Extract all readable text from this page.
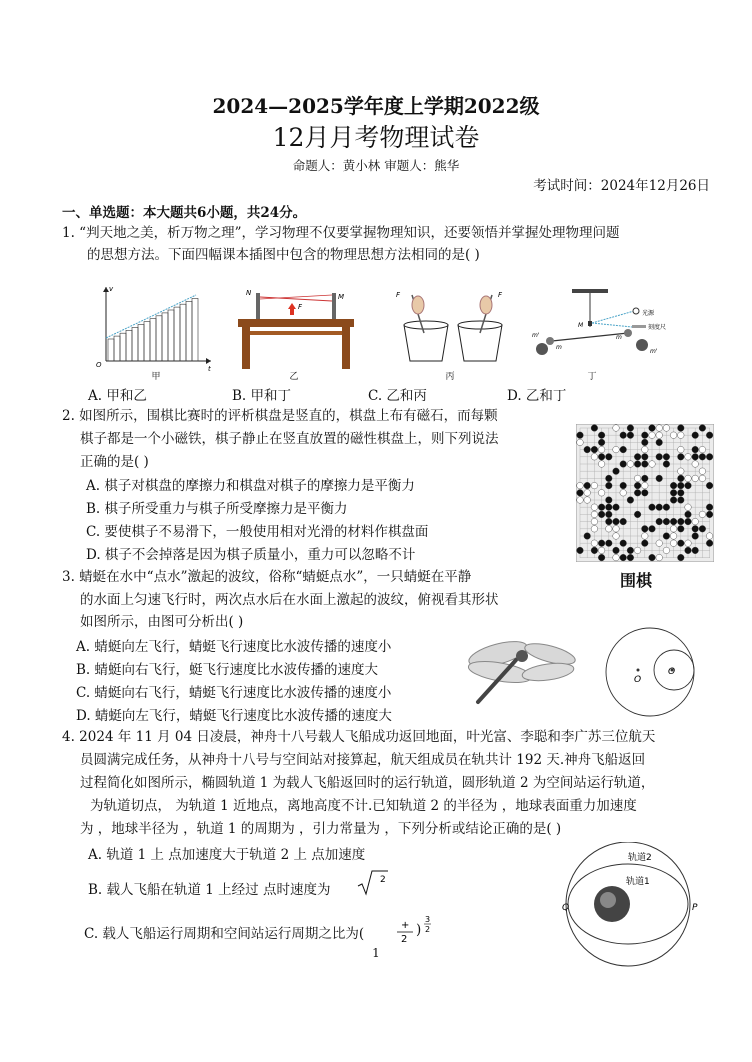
2024—2025学年度上学期2022级
12月月考物理试卷
命题人：黄小林 审题人：熊华
考试时间：2024年12月26日
一、单选题：本大题共6小题，共24分。
1. “判天地之美，析万物之理”，学习物理不仅要掌握物理知识，还要领悟并掌握处理物理问题
的思想方法。下面四幅课本插图中包含的物理思想方法相同的是( )
O
v
t
甲
N	M
F
乙
F	F
丙
光源
刻度尺
M
m'
m
m
m'
丁
A. 甲和乙	B. 甲和丁	C. 乙和丙	D. 乙和丁
2. 如图所示，围棋比赛时的评析棋盘是竖直的，棋盘上布有磁石，而每颗
棋子都是一个小磁铁，棋子静止在竖直放置的磁性棋盘上，则下列说法
正确的是( )
A. 棋子对棋盘的摩擦力和棋盘对棋子的摩擦力是平衡力
B. 棋子所受重力与棋子所受摩擦力是平衡力
C. 要使棋子不易滑下，一般使用相对光滑的材料作棋盘面
D. 棋子不会掉落是因为棋子质量小，重力可以忽略不计
围棋
3. 蜻蜓在水中“点水”激起的波纹，俗称“蜻蜓点水”，一只蜻蜓在平静
的水面上匀速飞行时，两次点水后在水面上激起的波纹，俯视看其形状
如图所示，由图可分析出( )
A. 蜻蜓向左飞行，蜻蜓飞行速度比水波传播的速度小
B. 蜻蜓向右飞行，蜓飞行速度比水波传播的速度大
C. 蜻蜓向右飞行，蜻蜓飞行速度比水波传播的速度小
D. 蜻蜓向左飞行，蜻蜓飞行速度比水波传播的速度大
O
O
4. 2024 年 11 月 04 日凌晨，神舟十八号载人飞船成功返回地面，叶光富、李聪和李广苏三位航天
员圆满完成任务，从神舟十八号与空间站对接算起，航天组成员在轨共计 192 天.神舟飞船返回
过程简化如图所示，椭圆轨道 1 为载人飞船返回时的运行轨道，圆形轨道 2 为空间站运行轨道，
为轨道切点， 为轨道 1 近地点，离地高度不计.已知轨道 2 的半径为 ，地球表面重力加速度
为 ，地球半径为 ，轨道 1 的周期为 ，引力常量为 ，下列分析或结论正确的是( )
A. 轨道 1 上 点加速度大于轨道 2 上 点加速度
B. 载人飞船在轨道 1 上经过 点时速度为
2
C. 载人飞船运行周期和空间站运行周期之比为(
+
2
3
2
)
轨道2
轨道1
Q	P
1
